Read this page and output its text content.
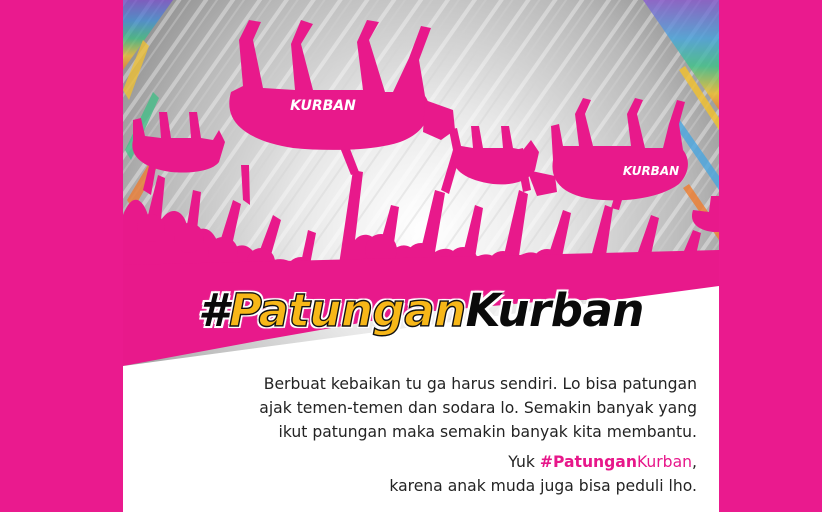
KURBAN
KURBAN
#PatunganKurban

Berbuat kebaikan tu ga harus sendiri. Lo bisa patungan

ajak temen-temen dan sodara lo. Semakin banyak yang

ikut patungan maka semakin banyak kita membantu.

Yuk #PatunganKurban,

karena anak muda juga bisa peduli lho.
